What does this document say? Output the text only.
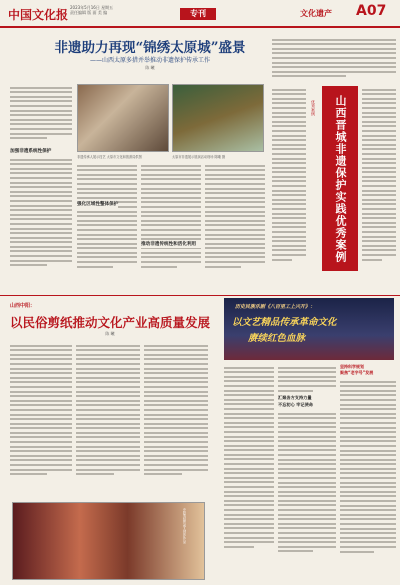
中国文化报
2023年5月16日 星期五
责任编辑 版 面 美 编	专刊	文化遗产 A07
非遗助力再现“锦绣太原城”盛景
——山西太原多措并举推动非遗保护传承工作
陈 曦
加强非遗系统性保护
非遗传承人展示技艺 太原市文化和旅游局供图	太原市非遗展示展演活动现场 陈曦 摄
强化区域性整体保护
推动非遗传统性和活化利用
优秀案例	山西晋城非遗保护实践优秀案例
山西中阳：
以民俗剪纸推动文化产业高质量发展
陈 曦
中阳剪纸传承人创作作品
历史民族乐剧《八百里工上兴开》：
以文艺精品传承革命文化
赓续红色血脉
汇聚各方支持力量
不忘初心 牢记使命
坚持科学规划
聚焦“老字号”发展
